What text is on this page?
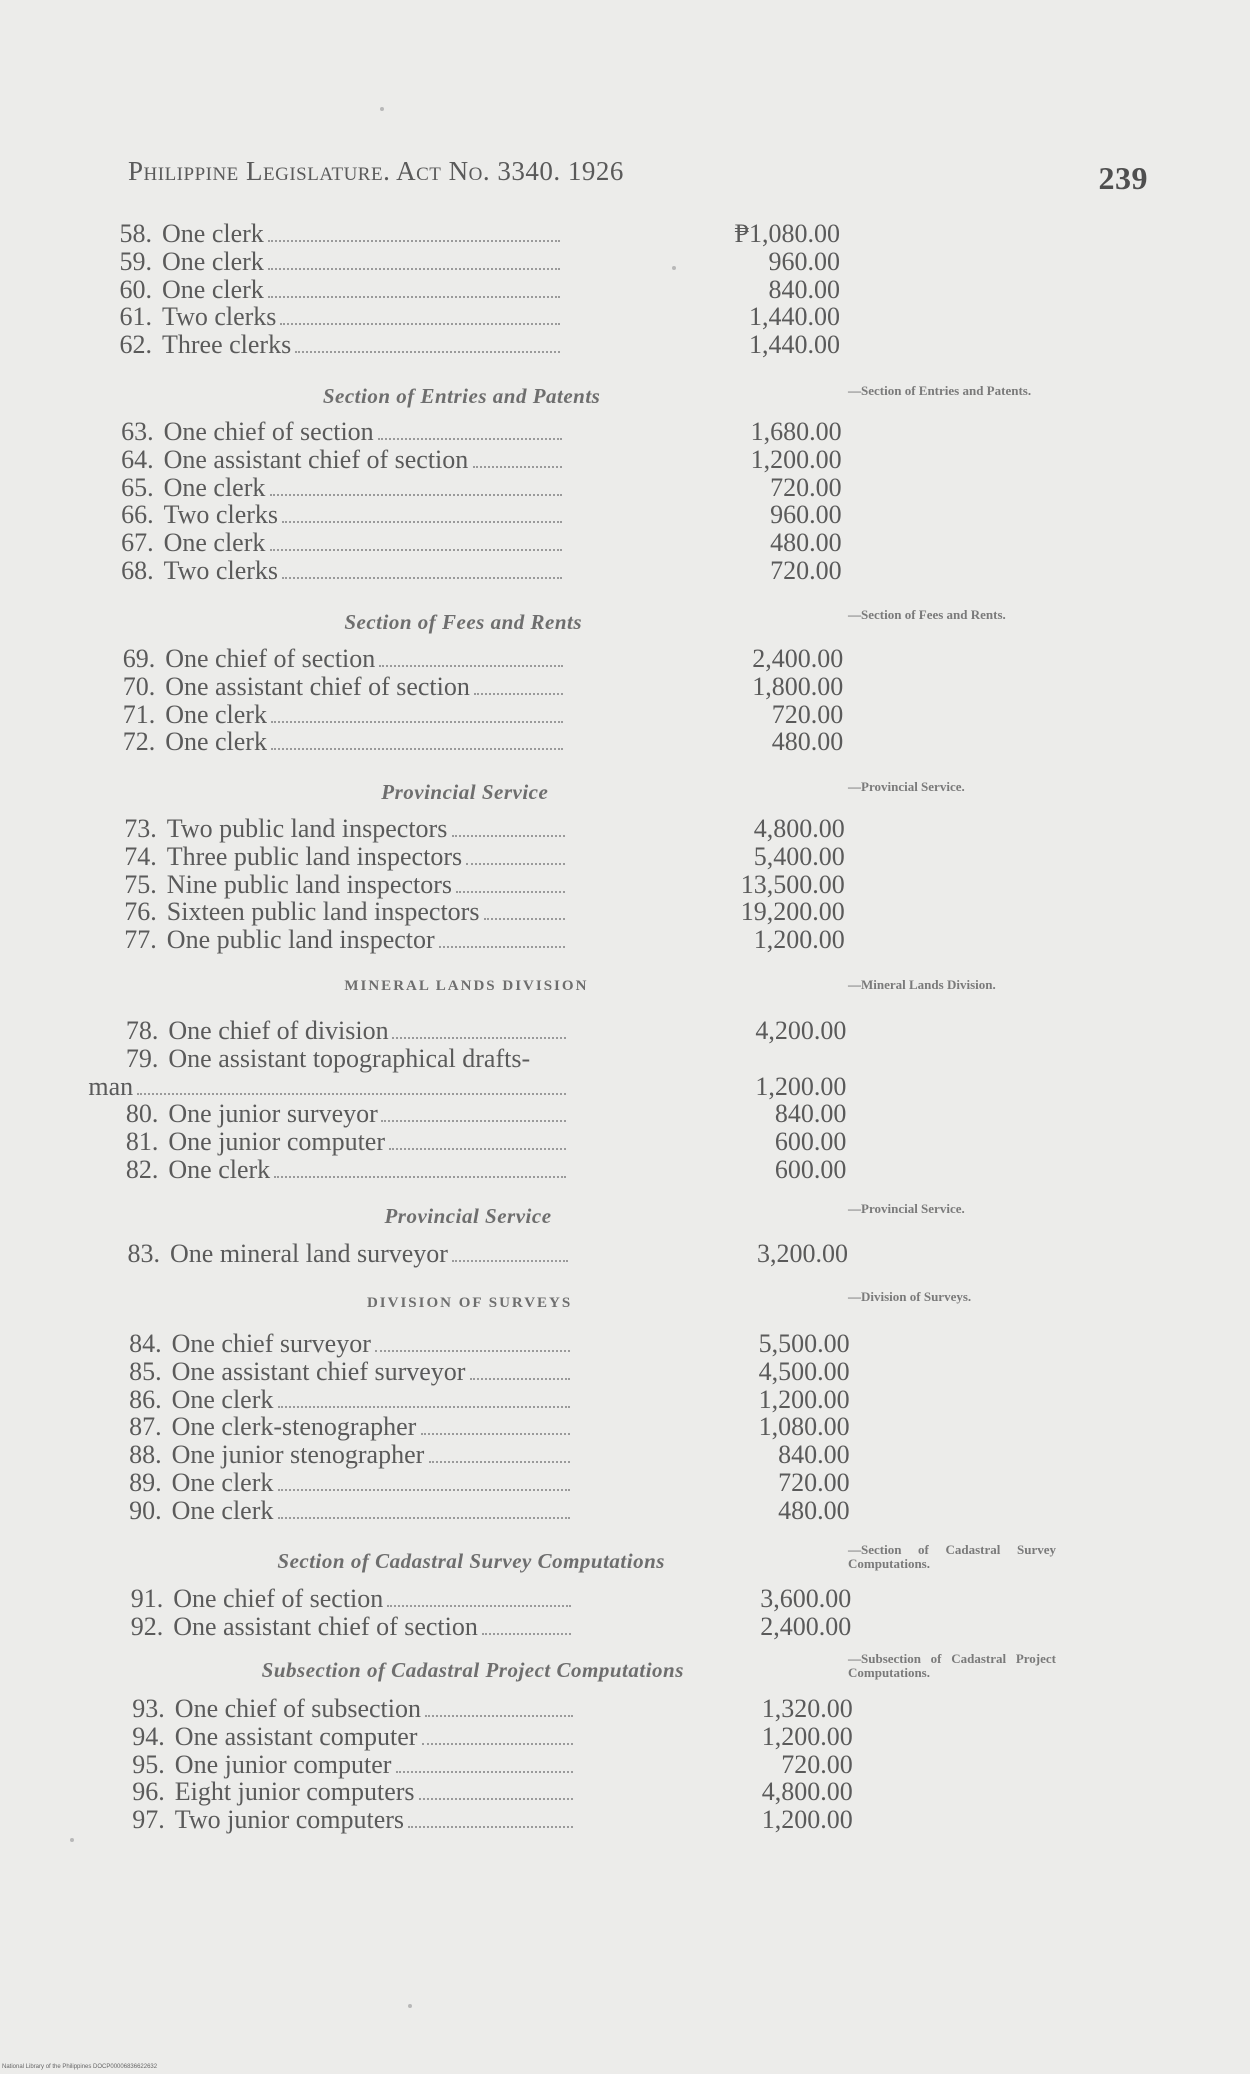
Philippine Legislature. Act No. 3340. 1926	239
58. One clerk	₱1,080.00
59. One clerk	960.00
60. One clerk	840.00
61. Two clerks	1,440.00
62. Three clerks	1,440.00
Section of Entries and Patents	—Section of Entries and Patents.
63. One chief of section	1,680.00
64. One assistant chief of section	1,200.00
65. One clerk	720.00
66. Two clerks	960.00
67. One clerk	480.00
68. Two clerks	720.00
Section of Fees and Rents	—Section of Fees and Rents.
69. One chief of section	2,400.00
70. One assistant chief of section	1,800.00
71. One clerk	720.00
72. One clerk	480.00
Provincial Service	—Provincial Service.
73. Two public land inspectors	4,800.00
74. Three public land inspectors	5,400.00
75. Nine public land inspectors	13,500.00
76. Sixteen public land inspectors	19,200.00
77. One public land inspector	1,200.00
MINERAL LANDS DIVISION	—Mineral Lands Division.
78. One chief of division	4,200.00
79. One assistant topographical drafts-
man	1,200.00
80. One junior surveyor	840.00
81. One junior computer	600.00
82. One clerk	600.00
Provincial Service	—Provincial Service.
83. One mineral land surveyor	3,200.00
DIVISION OF SURVEYS	—Division of Surveys.
84. One chief surveyor	5,500.00
85. One assistant chief surveyor	4,500.00
86. One clerk	1,200.00
87. One clerk-stenographer	1,080.00
88. One junior stenographer	840.00
89. One clerk	720.00
90. One clerk	480.00
Section of Cadastral Survey Computations	—Section of Cadastral Survey Computations.
91. One chief of section	3,600.00
92. One assistant chief of section	2,400.00
Subsection of Cadastral Project Computations	—Subsection of Cadastral Project Computations.
93. One chief of subsection	1,320.00
94. One assistant computer	1,200.00
95. One junior computer	720.00
96. Eight junior computers	4,800.00
97. Two junior computers	1,200.00
National Library of the Philippines DOCP00006836622632
